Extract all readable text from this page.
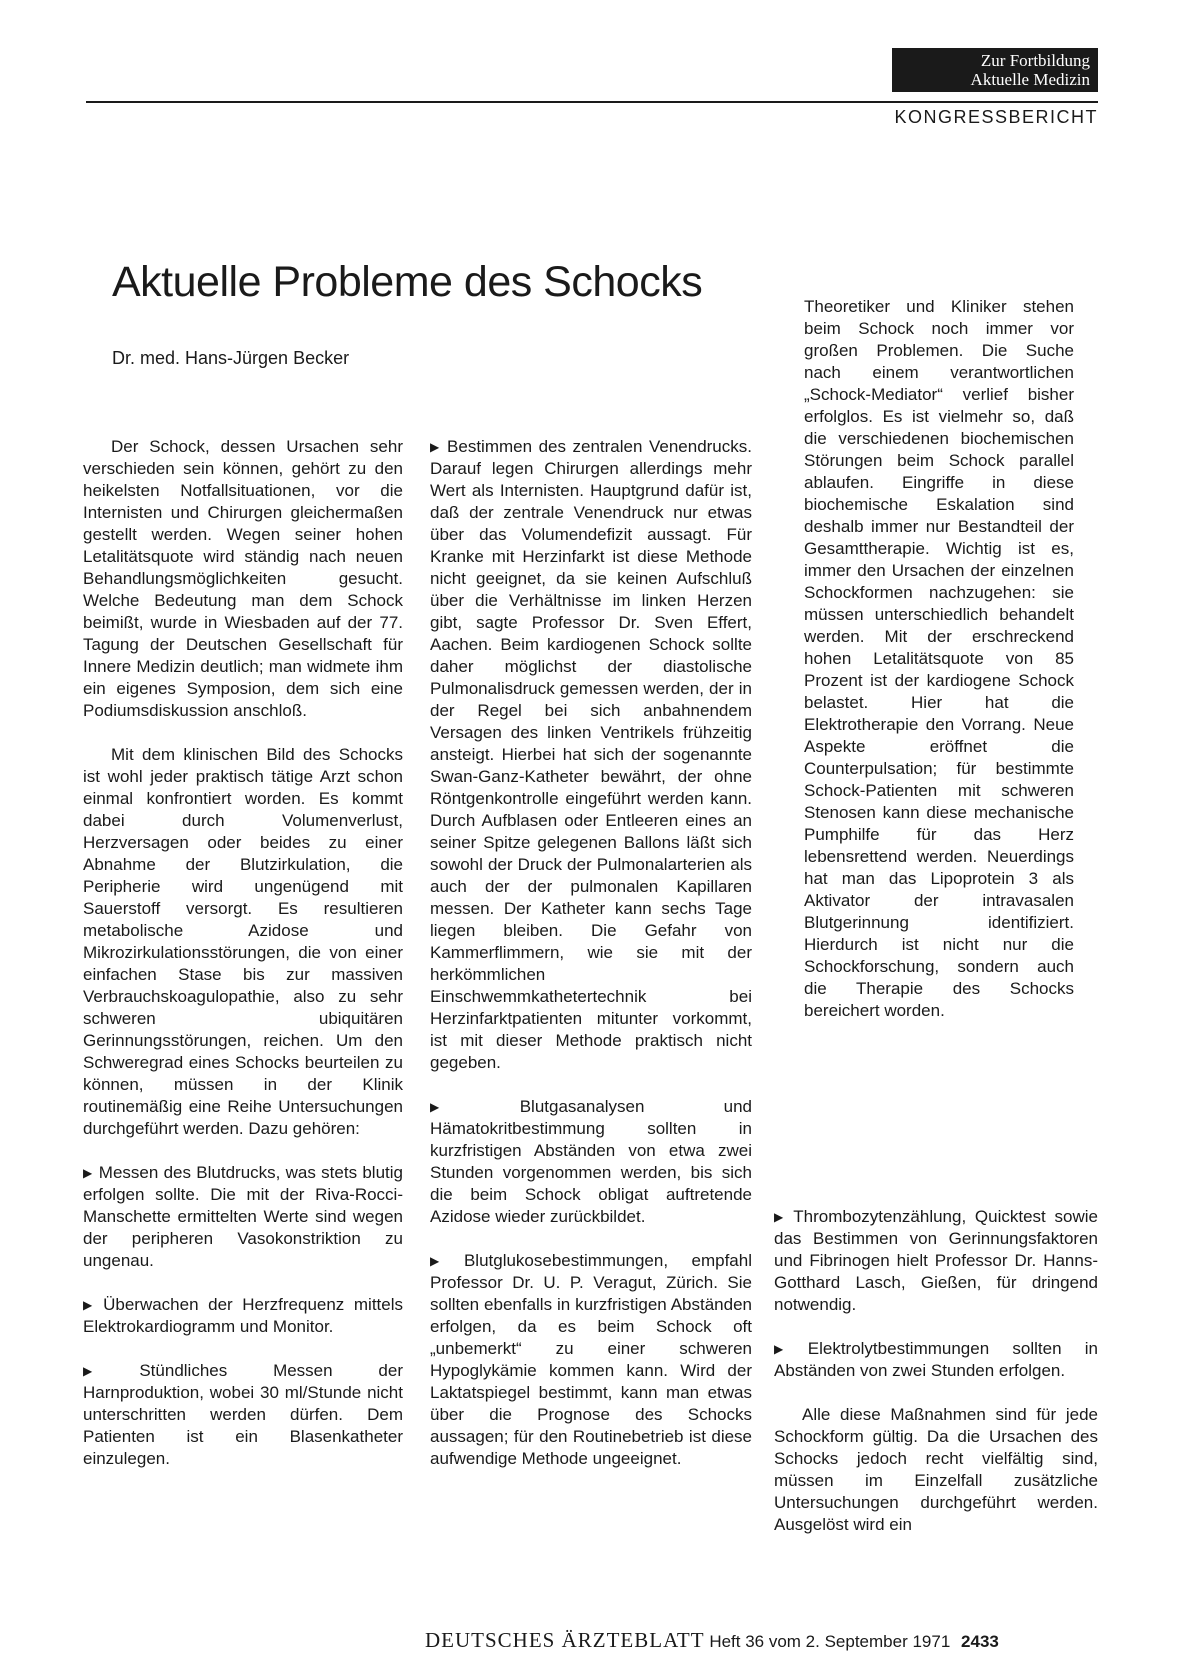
Zur Fortbildung
Aktuelle Medizin
KONGRESSBERICHT
Aktuelle Probleme des Schocks

Dr. med. Hans-Jürgen Becker

Der Schock, dessen Ursachen sehr verschieden sein können, gehört zu den heikelsten Notfallsituationen, vor die Internisten und Chirurgen gleichermaßen gestellt werden. Wegen seiner hohen Letalitätsquote wird ständig nach neuen Behandlungsmöglichkeiten gesucht. Welche Bedeutung man dem Schock beimißt, wurde in Wiesbaden auf der 77. Tagung der Deutschen Gesellschaft für Innere Medizin deutlich; man widmete ihm ein eigenes Symposion, dem sich eine Podiumsdiskussion anschloß.

Mit dem klinischen Bild des Schocks ist wohl jeder praktisch tätige Arzt schon einmal konfrontiert worden. Es kommt dabei durch Volumenverlust, Herzversagen oder beides zu einer Abnahme der Blutzirkulation, die Peripherie wird ungenügend mit Sauerstoff versorgt. Es resultieren metabolische Azidose und Mikrozirkulationsstörungen, die von einer einfachen Stase bis zur massiven Verbrauchskoagulopathie, also zu sehr schweren ubiquitären Gerinnungsstörungen, reichen. Um den Schweregrad eines Schocks beurteilen zu können, müssen in der Klinik routinemäßig eine Reihe Untersuchungen durchgeführt werden. Dazu gehören:

▶ Messen des Blutdrucks, was stets blutig erfolgen sollte. Die mit der Riva-Rocci-Manschette ermittelten Werte sind wegen der peripheren Vasokonstriktion zu ungenau.

▶ Überwachen der Herzfrequenz mittels Elektrokardiogramm und Monitor.

▶ Stündliches Messen der Harnproduktion, wobei 30 ml/Stunde nicht unterschritten werden dürfen. Dem Patienten ist ein Blasenkatheter einzulegen.

▶ Bestimmen des zentralen Venendrucks. Darauf legen Chirurgen allerdings mehr Wert als Internisten. Hauptgrund dafür ist, daß der zentrale Venendruck nur etwas über das Volumendefizit aussagt. Für Kranke mit Herzinfarkt ist diese Methode nicht geeignet, da sie keinen Aufschluß über die Verhältnisse im linken Herzen gibt, sagte Professor Dr. Sven Effert, Aachen. Beim kardiogenen Schock sollte daher möglichst der diastolische Pulmonalisdruck gemessen werden, der in der Regel bei sich anbahnendem Versagen des linken Ventrikels frühzeitig ansteigt. Hierbei hat sich der sogenannte Swan-Ganz-Katheter bewährt, der ohne Röntgenkontrolle eingeführt werden kann. Durch Aufblasen oder Entleeren eines an seiner Spitze gelegenen Ballons läßt sich sowohl der Druck der Pulmonalarterien als auch der der pulmonalen Kapillaren messen. Der Katheter kann sechs Tage liegen bleiben. Die Gefahr von Kammerflimmern, wie sie mit der herkömmlichen Einschwemmkathetertechnik bei Herzinfarktpatienten mitunter vorkommt, ist mit dieser Methode praktisch nicht gegeben.

▶ Blutgasanalysen und Hämatokritbestimmung sollten in kurzfristigen Abständen von etwa zwei Stunden vorgenommen werden, bis sich die beim Schock obligat auftretende Azidose wieder zurückbildet.

▶ Blutglukosebestimmungen, empfahl Professor Dr. U. P. Veragut, Zürich. Sie sollten ebenfalls in kurzfristigen Abständen erfolgen, da es beim Schock oft „unbemerkt“ zu einer schweren Hypoglykämie kommen kann. Wird der Laktatspiegel bestimmt, kann man etwas über die Prognose des Schocks aussagen; für den Routinebetrieb ist diese aufwendige Methode ungeeignet.

Theoretiker und Kliniker stehen beim Schock noch immer vor großen Problemen. Die Suche nach einem verantwortlichen „Schock-Mediator“ verlief bisher erfolglos. Es ist vielmehr so, daß die verschiedenen biochemischen Störungen beim Schock parallel ablaufen. Eingriffe in diese biochemische Eskalation sind deshalb immer nur Bestandteil der Gesamttherapie. Wichtig ist es, immer den Ursachen der einzelnen Schockformen nachzugehen: sie müssen unterschiedlich behandelt werden. Mit der erschreckend hohen Letalitätsquote von 85 Prozent ist der kardiogene Schock belastet. Hier hat die Elektrotherapie den Vorrang. Neue Aspekte eröffnet die Counterpulsation; für bestimmte Schock-Patienten mit schweren Stenosen kann diese mechanische Pumphilfe für das Herz lebensrettend werden. Neuerdings hat man das Lipoprotein 3 als Aktivator der intravasalen Blutgerinnung identifiziert. Hierdurch ist nicht nur die Schockforschung, sondern auch die Therapie des Schocks bereichert worden.

▶ Thrombozytenzählung, Quicktest sowie das Bestimmen von Gerinnungsfaktoren und Fibrinogen hielt Professor Dr. Hanns-Gotthard Lasch, Gießen, für dringend notwendig.

▶ Elektrolytbestimmungen sollten in Abständen von zwei Stunden erfolgen.

Alle diese Maßnahmen sind für jede Schockform gültig. Da die Ursachen des Schocks jedoch recht vielfältig sind, müssen im Einzelfall zusätzliche Untersuchungen durchgeführt werden. Ausgelöst wird ein

DEUTSCHES ÄRZTEBLATT Heft 36 vom 2. September 1971 2433
